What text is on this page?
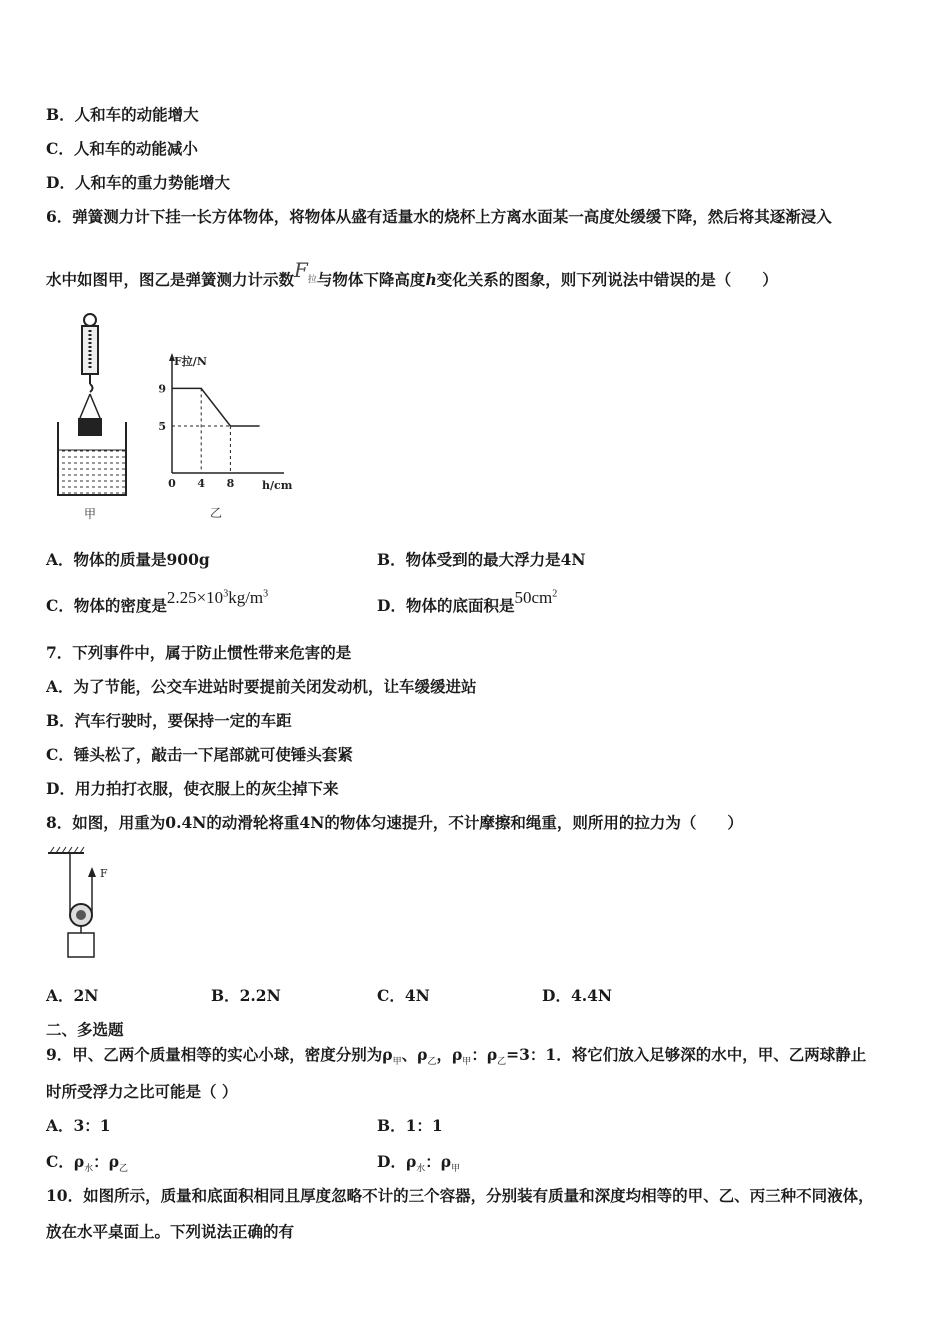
B．人和车的动能增大
C．人和车的动能减小
D．人和车的重力势能增大
6．弹簧测力计下挂一长方体物体，将物体从盛有适量水的烧杯上方离水面某一高度处缓缓下降，然后将其逐渐浸入
水中如图甲，图乙是弹簧测力计示数$F_拉$与物体下降高度h变化关系的图象，则下列说法中错误的是（　　）
甲
F拉/N
h/cm
0 4 8
9
5
乙
A．物体的质量是900g	B．物体受到的最大浮力是4N
C．物体的密度是$2.25\times 10^3kg/m^3$
D．物体的底面积是$50cm^2$
7．下列事件中，属于防止惯性带来危害的是
A．为了节能，公交车进站时要提前关闭发动机，让车缓缓进站
B．汽车行驶时，要保持一定的车距
C．锤头松了，敲击一下尾部就可使锤头套紧
D．用力拍打衣服，使衣服上的灰尘掉下来
8．如图，用重为0.4N的动滑轮将重4N的物体匀速提升，不计摩擦和绳重，则所用的拉力为（　　）
F
A．2N	B．2.2N	C．4N	D．4.4N
二、多选题
9．甲、乙两个质量相等的实心小球，密度分别为$\rho_甲$、$\rho_乙$，$\rho_甲$：$\rho_乙=3$：1．将它们放入足够深的水中，甲、乙两球静止
时所受浮力之比可能是（ ）
A．3：1	B．1：1
C．$\rho_水$：$\rho_乙$	D．$\rho_水$：$\rho_甲$
10．如图所示，质量和底面积相同且厚度忽略不计的三个容器，分别装有质量和深度均相等的甲、乙、丙三种不同液体，
放在水平桌面上。下列说法正确的有
